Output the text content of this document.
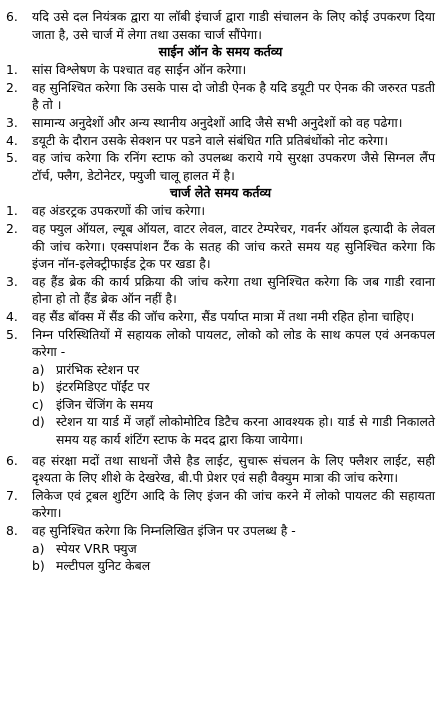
6.	यदि उसे दल नियंत्रक द्वारा या लॉबी इंचार्ज द्वारा गाडी संचालन के लिए कोई उपकरण दिया जाता है, उसे चार्ज में लेगा तथा उसका चार्ज सौंपेगा।
साईन ऑन के समय कर्तव्य
1.	सांस विश्लेषण के पश्चात वह साईन ऑन करेगा।
2.	वह सुनिश्चित करेगा कि उसके पास दो जोडी ऐनक है यदि डयूटी पर ऐनक की जरुरत पडती है तो ।
3.	सामान्य अनुदेशों और अन्य स्थानीय अनुदेशों आदि जैसे सभी अनुदेशों को वह पढेगा।
4.	डयूटी के दौरान उसके सेक्शन पर पडने वाले संबंधित गति प्रतिबंधोंको नोट करेगा।
5.	वह जांच करेगा कि रनिंग स्टाफ को उपलब्ध कराये गये सुरक्षा उपकरण जैसे सिग्नल लैंप टॉर्च, फ्लैग, डेटोनेटर, फ्युजी चालू हालत में है।
चार्ज लेते समय कर्तव्य
1.	वह अंडरट्रक उपकरणों की जांच करेगा।
2.	वह फ्युल ऑयल, ल्यूब ऑयल, वाटर लेवल, वाटर टेम्परेचर, गवर्नर ऑयल इत्यादी के लेवल की जांच करेगा। एक्सपांशन टैंक के सतह की जांच करते समय यह सुनिश्चित करेगा कि इंजन नॉन-इलेक्ट्रीफाईड ट्रेक पर खडा है।
3.	वह हैंड ब्रेक की कार्य प्रक्रिया की जांच करेगा तथा सुनिश्चित करेगा कि जब गाडी रवाना होना हो तो हैंड ब्रेक ऑन नहीं है।
4.	वह सैंड बॉक्स में सैंड की जॉच करेगा, सैंड पर्याप्त मात्रा में तथा नमी रहित होना चाहिए।
5.	निम्न परिस्थितियों में सहायक लोको पायलट, लोको को लोड के साथ कपल एवं अनकपल करेगा -
a) प्रारंभिक स्टेशन पर
b) इंटरमिडिएट पॉईंट पर
c) इंजिन चेंजिंग के समय
d) स्टेशन या यार्ड में जहाँ लोकोमोटिव डिटैच करना आवश्यक हो। यार्ड से गाडी निकालते समय यह कार्य शंटिंग स्टाफ के मदद द्वारा किया जायेगा।
6.	वह संरक्षा मदों तथा साधनों जैसे हैड लाईट, सुचारू संचलन के लिए फ्लैशर लाईट, सही दृश्यता के लिए शीशे के देखरेख, बी.पी प्रेशर एवं सही वैक्युम मात्रा की जांच करेगा।
7.	लिकेज एवं ट्रबल शुटिंग आदि के लिए इंजन की जांच करने में लोको पायलट की सहायता करेगा।
8.	वह सुनिश्चित करेगा कि निम्नलिखित इंजिन पर उपलब्ध है -
a) स्पेयर VRR फ्युज
b) मल्टीपल युनिट केबल
